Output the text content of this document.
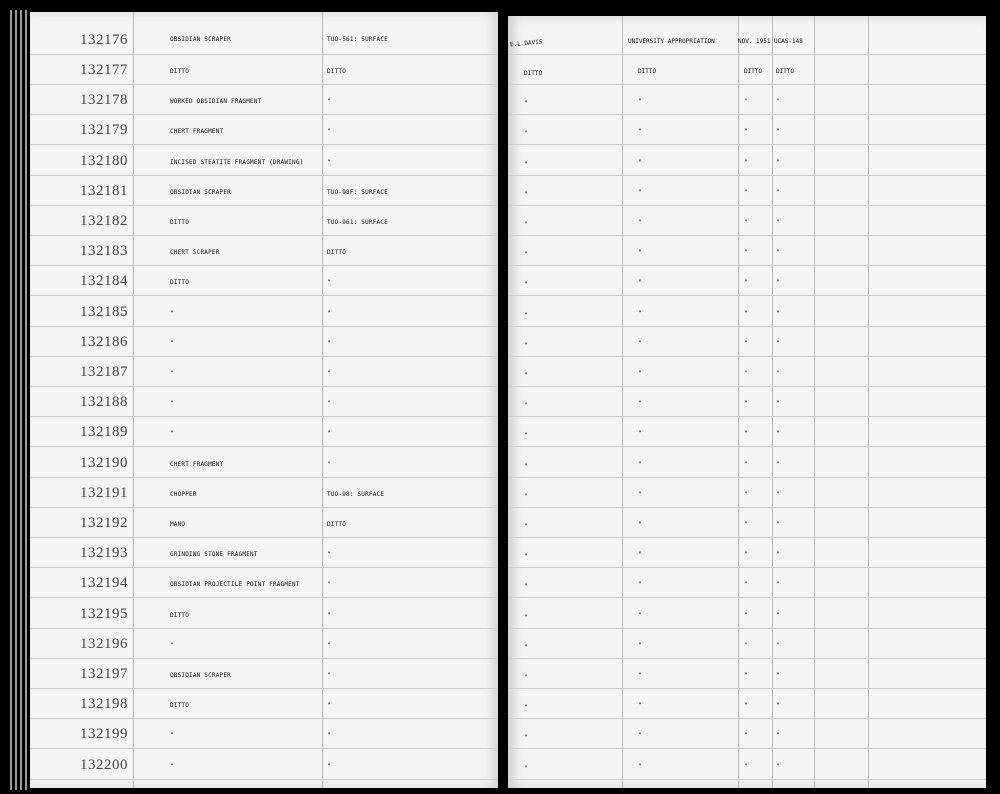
132176	OBSIDIAN SCRAPER	TUO-561: SURFACE
132177	DITTO	DITTO
132178	WORKED OBSIDIAN FRAGMENT	"
132179	CHERT FRAGMENT	"
132180	INCISED STEATITE FRAGMENT (DRAWING)	"
132181	OBSIDIAN SCRAPER	TUO-98F: SURFACE
132182	DITTO	TUO-961: SURFACE
132183	CHERT SCRAPER	DITTO
132184	DITTO	"
132185	"	"
132186	"	"
132187	"	"
132188	"	"
132189	"	"
132190	CHERT FRAGMENT	"
132191	CHOPPER	TUO-98: SURFACE
132192	MANO	DITTO
132193	GRINDING STONE FRAGMENT	"
132194	OBSIDIAN PROJECTILE POINT FRAGMENT	"
132195	DITTO	"
132196	"	"
132197	OBSIDIAN SCRAPER	"
132198	DITTO	"
132199	"	"
132200	"	"
E.L.DAVIS	UNIVERSITY APPROPRIATION	NOV. 1951 UCAS-148
DITTO	DITTO	DITTO DITTO
"	"	"	"
"	"	"	"
"	"	"	"
"	"	"	"
"	"	"	"
"	"	"	"
"	"	"	"
"	"	"	"
"	"	"	"
"	"	"	"
"	"	"	"
"	"	"	"
"	"	"	"
"	"	"	"
"	"	"	"
"	"	"	"
"	"	"	"
"	"	"	"
"	"	"	"
"	"	"	"
"	"	"	"
"	"	"	"
"	"	"	"
